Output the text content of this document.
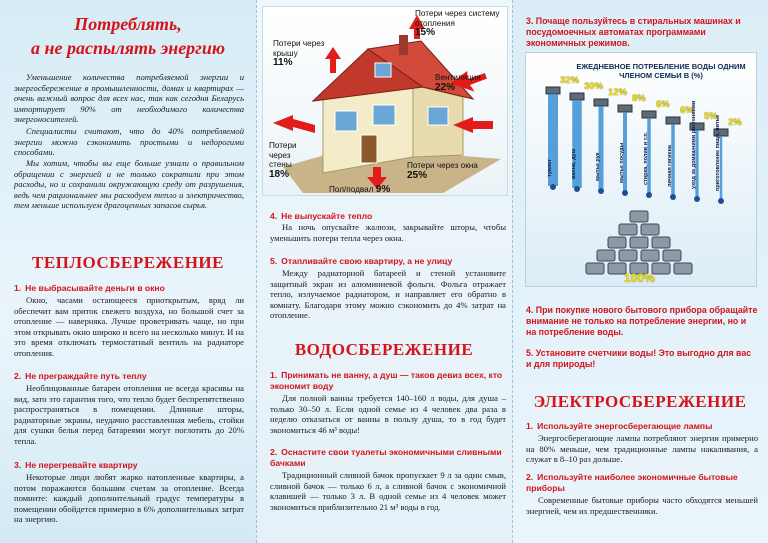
Потреблять,
а не распылять энергию

Уменьшение количества потребляемой энергии и энергосбережение в промышленности, домах и квартирах — очень важный вопрос для всех нас, так как сегодня Беларусь импортирует 90% от необходимого количества энергоносителей.

Специалисты считают, что до 40% потребляемой энергии можно сэкономить простыми и недорогими способами.

Мы хотим, чтобы вы еще больше узнали о правильном обращении с энергией и не только сократили при этом расходы, но и сохранили окружающую среду от разрушения, ведь чем рациональнее мы расходуем тепло и электричество, тем меньше используем драгоценных запасов сырья.

ТЕПЛОСБЕРЕЖЕНИЕ
1. Не выбрасывайте деньги в окно

Окно, часами остающееся приоткрытым, вряд ли обеспечит вам приток свежего воздуха, но большой счет за отопление — наверняка. Лучше проветривать чаще, но при этом открывать окно широко и всего на несколько минут. И на это время отключать термостатный вентиль на радиаторе отопления.

2. Не преграждайте путь теплу

Необлицованные батареи отопления не всегда красивы на вид, зато это гарантия того, что тепло будет беспрепятственно распространяться в помещении. Длинные шторы, радиаторные экраны, неудачно расставленная мебель, стойки для сушки белья перед батареями могут поглотить до 20% тепла.

3. Не перегревайте квартиру

Некоторые люди любят жарко натопленные квартиры, а потом поражаются большим счетам за отопление. Всегда помните: каждый дополнительный градус температуры в помещении обойдется примерно в 6% дополнительных затрат на энергию.

Потери через крышу
11%
Потери через систему отопления
15%
Вентиляция
22%
Потери через стены
18%
Потери через окна
25%
Пол/подвал 9%
4. Не выпускайте тепло

На ночь опускайте жалюзи, закрывайте шторы, чтобы уменьшить потери тепла через окна.

5. Отапливайте свою квартиру, а не улицу

Между радиаторной батареей и стеной установите защитный экран из алюминиевой фольги. Фольга отражает тепло, излучаемое радиатором, и направляет его обратно в комнату. Благодаря этому можно сэкономить до 4% затрат на отопление.

ВОДОСБЕРЕЖЕНИЕ
1. Принимать не ванну, а душ — таков девиз всех, кто экономит воду

Для полной ванны требуется 140–160 л воды, для душа – только 30–50 л. Если одной семье из 4 человек два раза в неделю отказаться от ванны в пользу душа, то в год будет экономиться 46 м³ воды!

2. Оснастите свои туалеты экономичными сливными бачками

Традиционный сливной бачок пропускает 9 л за один смыв, сливной бачок — только 6 л, а сливной бачок с экономичной клавишей — только 3 л. В одной семье из 4 человек может экономиться приблизительно 21 м³ воды в год.

3. Почаще пользуйтесь в стиральных машинах и посудомоечных автоматах программами экономичных режимов.
ЕЖЕДНЕВНОЕ ПОТРЕБЛЕНИЕ ВОДЫ ОДНИМ ЧЛЕНОМ СЕМЬИ В (%)
32%
туалет
30%
ванна, душ
12%
мытье рук
8%
мытье посуды
6%
стирка, полив и т.п.
6%
личная гигиена
5%
уход за домашними растениями	2%
приготовление пищи, питье
100%
4. При покупке нового бытового прибора обращайте внимание не только на потребление энергии, но и на потребление воды.
5. Установите счетчики воды! Это выгодно для вас и для природы!
ЭЛЕКТРОСБЕРЕЖЕНИЕ
1. Используйте энергосберегающие лампы

Энергосберегающие лампы потребляют энергии примерно на 80% меньше, чем традиционные лампы накаливания, а служат в 8–10 раз дольше.

2. Используйте наиболее экономичные бытовые приборы

Современные бытовые приборы часто обходятся меньшей энергией, чем их предшественники.
